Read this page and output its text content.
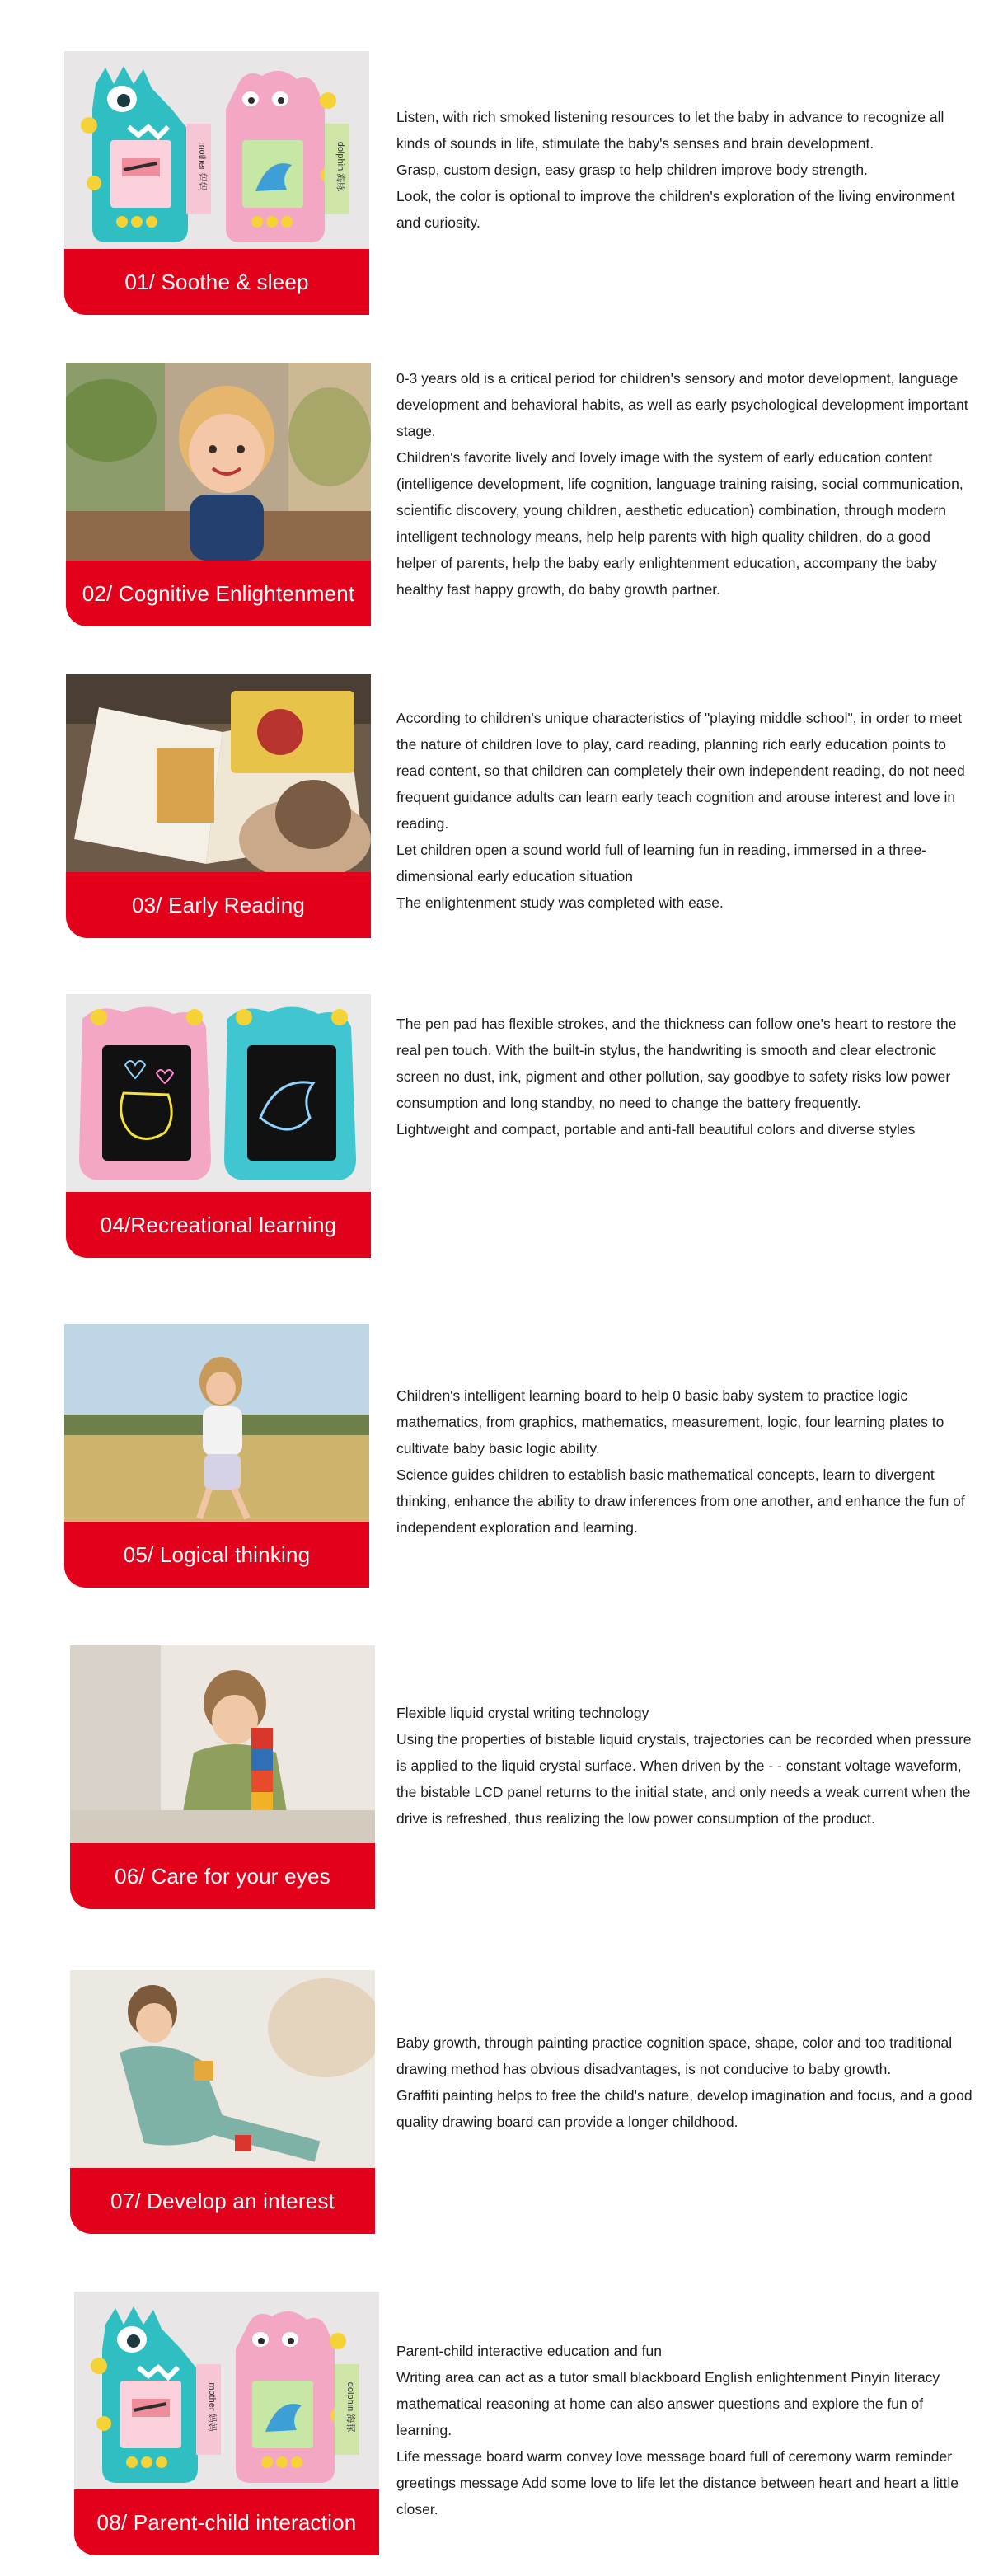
mother 妈妈	dolphin 海豚
01/ Soothe & sleep

Listen, with rich smoked listening resources to let the baby in advance to recognize all kinds of sounds in life, stimulate the baby's senses and brain development.

Grasp, custom design, easy grasp to help children improve body strength.

Look, the color is optional to improve the children's exploration of the living environment and curiosity.

02/ Cognitive Enlightenment

0-3 years old is a critical period for children's sensory and motor development, language development and behavioral habits, as well as early psychological development important stage.

Children's favorite lively and lovely image with the system of early education content (intelligence development, life cognition, language training raising, social communication, scientific discovery, young children, aesthetic education) combination, through modern intelligent technology means, help help parents with high quality children, do a good helper of parents, help the baby early enlightenment education, accompany the baby healthy fast happy growth, do baby growth partner.

03/ Early Reading

According to children's unique characteristics of "playing middle school", in order to meet the nature of children love to play, card reading, planning rich early education points to read content, so that children can completely their own independent reading, do not need frequent guidance adults can learn early teach cognition and arouse interest and love in reading.

Let children open a sound world full of learning fun in reading, immersed in a three-dimensional early education situation

The enlightenment study was completed with ease.

04/Recreational learning

The pen pad has flexible strokes, and the thickness can follow one's heart to restore the real pen touch. With the built-in stylus, the handwriting is smooth and clear electronic screen no dust, ink, pigment and other pollution, say goodbye to safety risks low power consumption and long standby, no need to change the battery frequently.

Lightweight and compact, portable and anti-fall beautiful colors and diverse styles

05/ Logical thinking

Children's intelligent learning board to help 0 basic baby system to practice logic mathematics, from graphics, mathematics, measurement, logic, four learning plates to cultivate baby basic logic ability.

Science guides children to establish basic mathematical concepts, learn to divergent thinking, enhance the ability to draw inferences from one another, and enhance the fun of independent exploration and learning.

06/ Care for your eyes

Flexible liquid crystal writing technology

Using the properties of bistable liquid crystals, trajectories can be recorded when pressure is applied to the liquid crystal surface. When driven by the - - constant voltage waveform, the bistable LCD panel returns to the initial state, and only needs a weak current when the drive is refreshed, thus realizing the low power consumption of the product.

07/ Develop an interest

Baby growth, through painting practice cognition space, shape, color and too traditional drawing method has obvious disadvantages, is not conducive to baby growth.

Graffiti painting helps to free the child's nature, develop imagination and focus, and a good quality drawing board can provide a longer childhood.

mother 妈妈	dolphin 海豚
08/ Parent-child interaction

Parent-child interactive education and fun

Writing area can act as a tutor small blackboard English enlightenment Pinyin literacy mathematical reasoning at home can also answer questions and explore the fun of learning.

Life message board warm convey love message board full of ceremony warm reminder greetings message Add some love to life let the distance between heart and heart a little closer.
